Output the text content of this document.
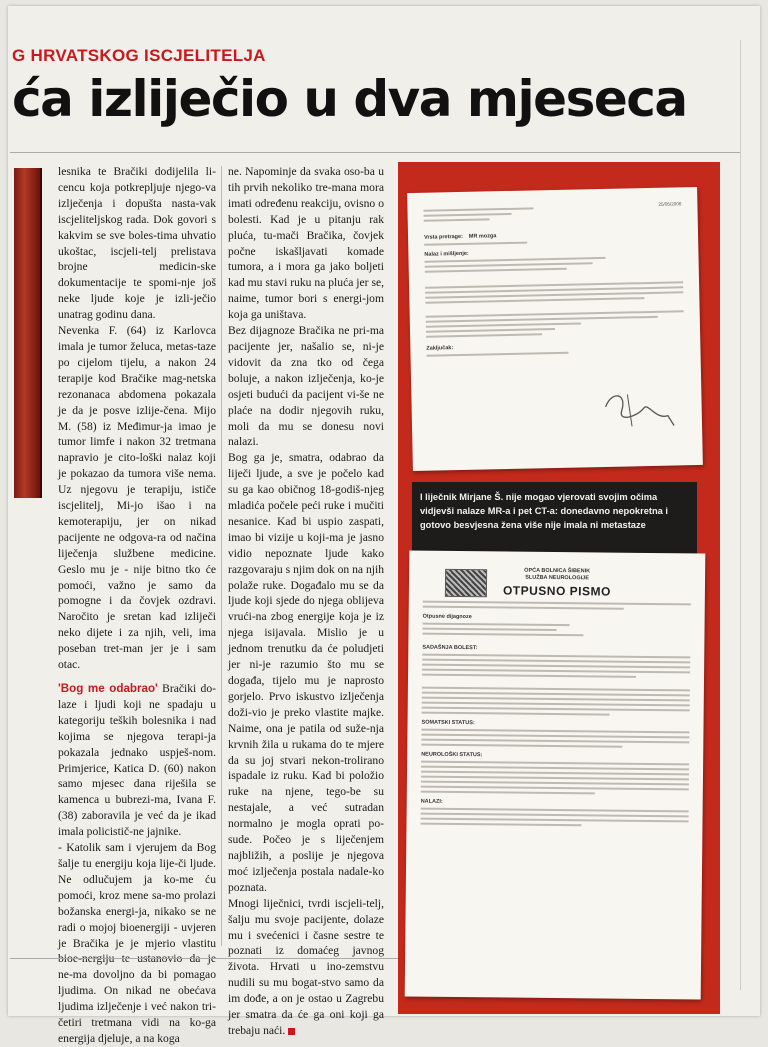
G HRVATSKOG ISCJELITELJA
ća izliječio u dva mjeseca

lesnika te Bračiki dodijelila li-cencu koja potkrepljuje njego-va izlječenja i dopušta nasta-vak iscjeliteljskog rada. Dok govori s kakvim se sve boles-tima uhvatio ukoštac, iscjeli-telj prelistava brojne medicin-ske dokumentacije te spomi-nje još neke ljude koje je izli-ječio unatrag godinu dana.

Nevenka F. (64) iz Karlovca imala je tumor želuca, metas-taze po cijelom tijelu, a nakon 24 terapije kod Bračike mag-netska rezonanaca abdomena pokazala je da je posve izlije-čena. Mijo M. (58) iz Međimur-ja imao je tumor limfe i nakon 32 tretmana napravio je cito-loški nalaz koji je pokazao da tumora više nema. Uz njegovu je terapiju, ističe iscjelitelj, Mi-jo išao i na kemoterapiju, jer on nikad pacijente ne odgova-ra od načina liječenja službene medicine. Geslo mu je - nije bitno tko će pomoći, važno je samo da pomogne i da čovjek ozdravi. Naročito je sretan kad izliječi neko dijete i za njih, veli, ima poseban tret-man jer je i sam otac.

'Bog me odabrao' Bračiki do-laze i ljudi koji ne spadaju u kategoriju teških bolesnika i nad kojima se njegova terapi-ja pokazala jednako uspješ-nom. Primjerice, Katica D. (60) nakon samo mjesec dana riješila se kamenca u bubrezi-ma, Ivana F. (38) zaboravila je već da je ikad imala policistič-ne jajnike.

- Katolik sam i vjerujem da Bog šalje tu energiju koja lije-či ljude. Ne odlučujem ja ko-me ću pomoći, kroz mene sa-mo prolazi božanska energi-ja, nikako se ne radi o mojoj bioenergiji - uvjeren je Bračika je je mjerio vlastitu ne-ma dovoljno da bi pomagao ljudima. On nikad ne obećava ljudima izlječenje i već nakon tri-četiri tretmana vidi na ko-ga energija djeluje, a na koga

ne. Napominje da svaka oso-ba u tih prvih nekoliko tre-mana mora imati određenu reakciju, ovisno o bolesti. Kad je u pitanju rak pluća, tu-mači Bračika, čovjek počne iskašljavati komade tumora, a i mora ga jako boljeti kad mu stavi ruku na pluća jer se, naime, tumor bori s energi-jom koja ga uništava.

Bez dijagnoze Bračika ne pri-ma pacijente jer, našalio se, ni-je vidovit da zna tko od čega boluje, a nakon izlječenja, ko-je osjeti budući da pacijent vi-še ne plaće na dodir njegovih ruku, moli da mu se donesu novi nalazi.

Bog ga je, smatra, odabrao da liječi ljude, a sve je počelo kad su ga kao običnog 18-godiš-njeg mladića počele peći ruke i mučiti nesanice. Kad bi uspio zaspati, imao bi vizije u koji-ma je jasno vidio nepoznate ljude kako razgovaraju s njim dok on na njih polaže ruke. Događalo mu se da ljude koji sjede do njega oblijeva vrući-na zbog energije koja je iz njega isijavala. Mislio je u jednom trenutku da će poludjeti jer ni-je razumio što mu se događa, tijelo mu je naprosto gorjelo. Prvo iskustvo izlječenja doži-vio je preko vlastite majke. Naime, ona je patila od suže-nja krvnih žila u rukama do te mjere da su joj stvari nekon-trolirano ispadale iz ruku. Kad bi položio ruke na njene, tego-be su nestajale, a već sutradan normalno je mogla oprati po-sude. Počeo je s liječenjem najbližih, a poslije je njegova moć izlječenja postala nadale-ko poznata.

Mnogi liječnici, tvrdi iscjeli-telj, šalju mu svoje pacijente, dolaze mu i svećenici i časne sestre te poznati iz domaćeg javnog života. Hrvati u ino-zemstvu nudili su mu bogat-stvo samo da im dođe, a on je ostao u Zagrebu jer smatra da će ga oni koji ga trebaju naći.

25/05/2006
Vrsta pretrage: MR mozga
Nalaz i mišljenje:
Zaključak:
I liječnik Mirjane Š. nije mogao vjerovati svojim očima vidjevši nalaze MR-a i pet CT-a: donedavno nepokretna i gotovo besvjesna žena više nije imala ni metastaze
OPĆA BOLNICA ŠIBENIK
SLUŽBA NEUROLOGIJE
OTPUSNO PISMO
Otpusne dijagnoze
SADAŠNJA BOLEST:
SOMATSKI STATUS:
NEUROLOŠKI STATUS:
NALAZI:
